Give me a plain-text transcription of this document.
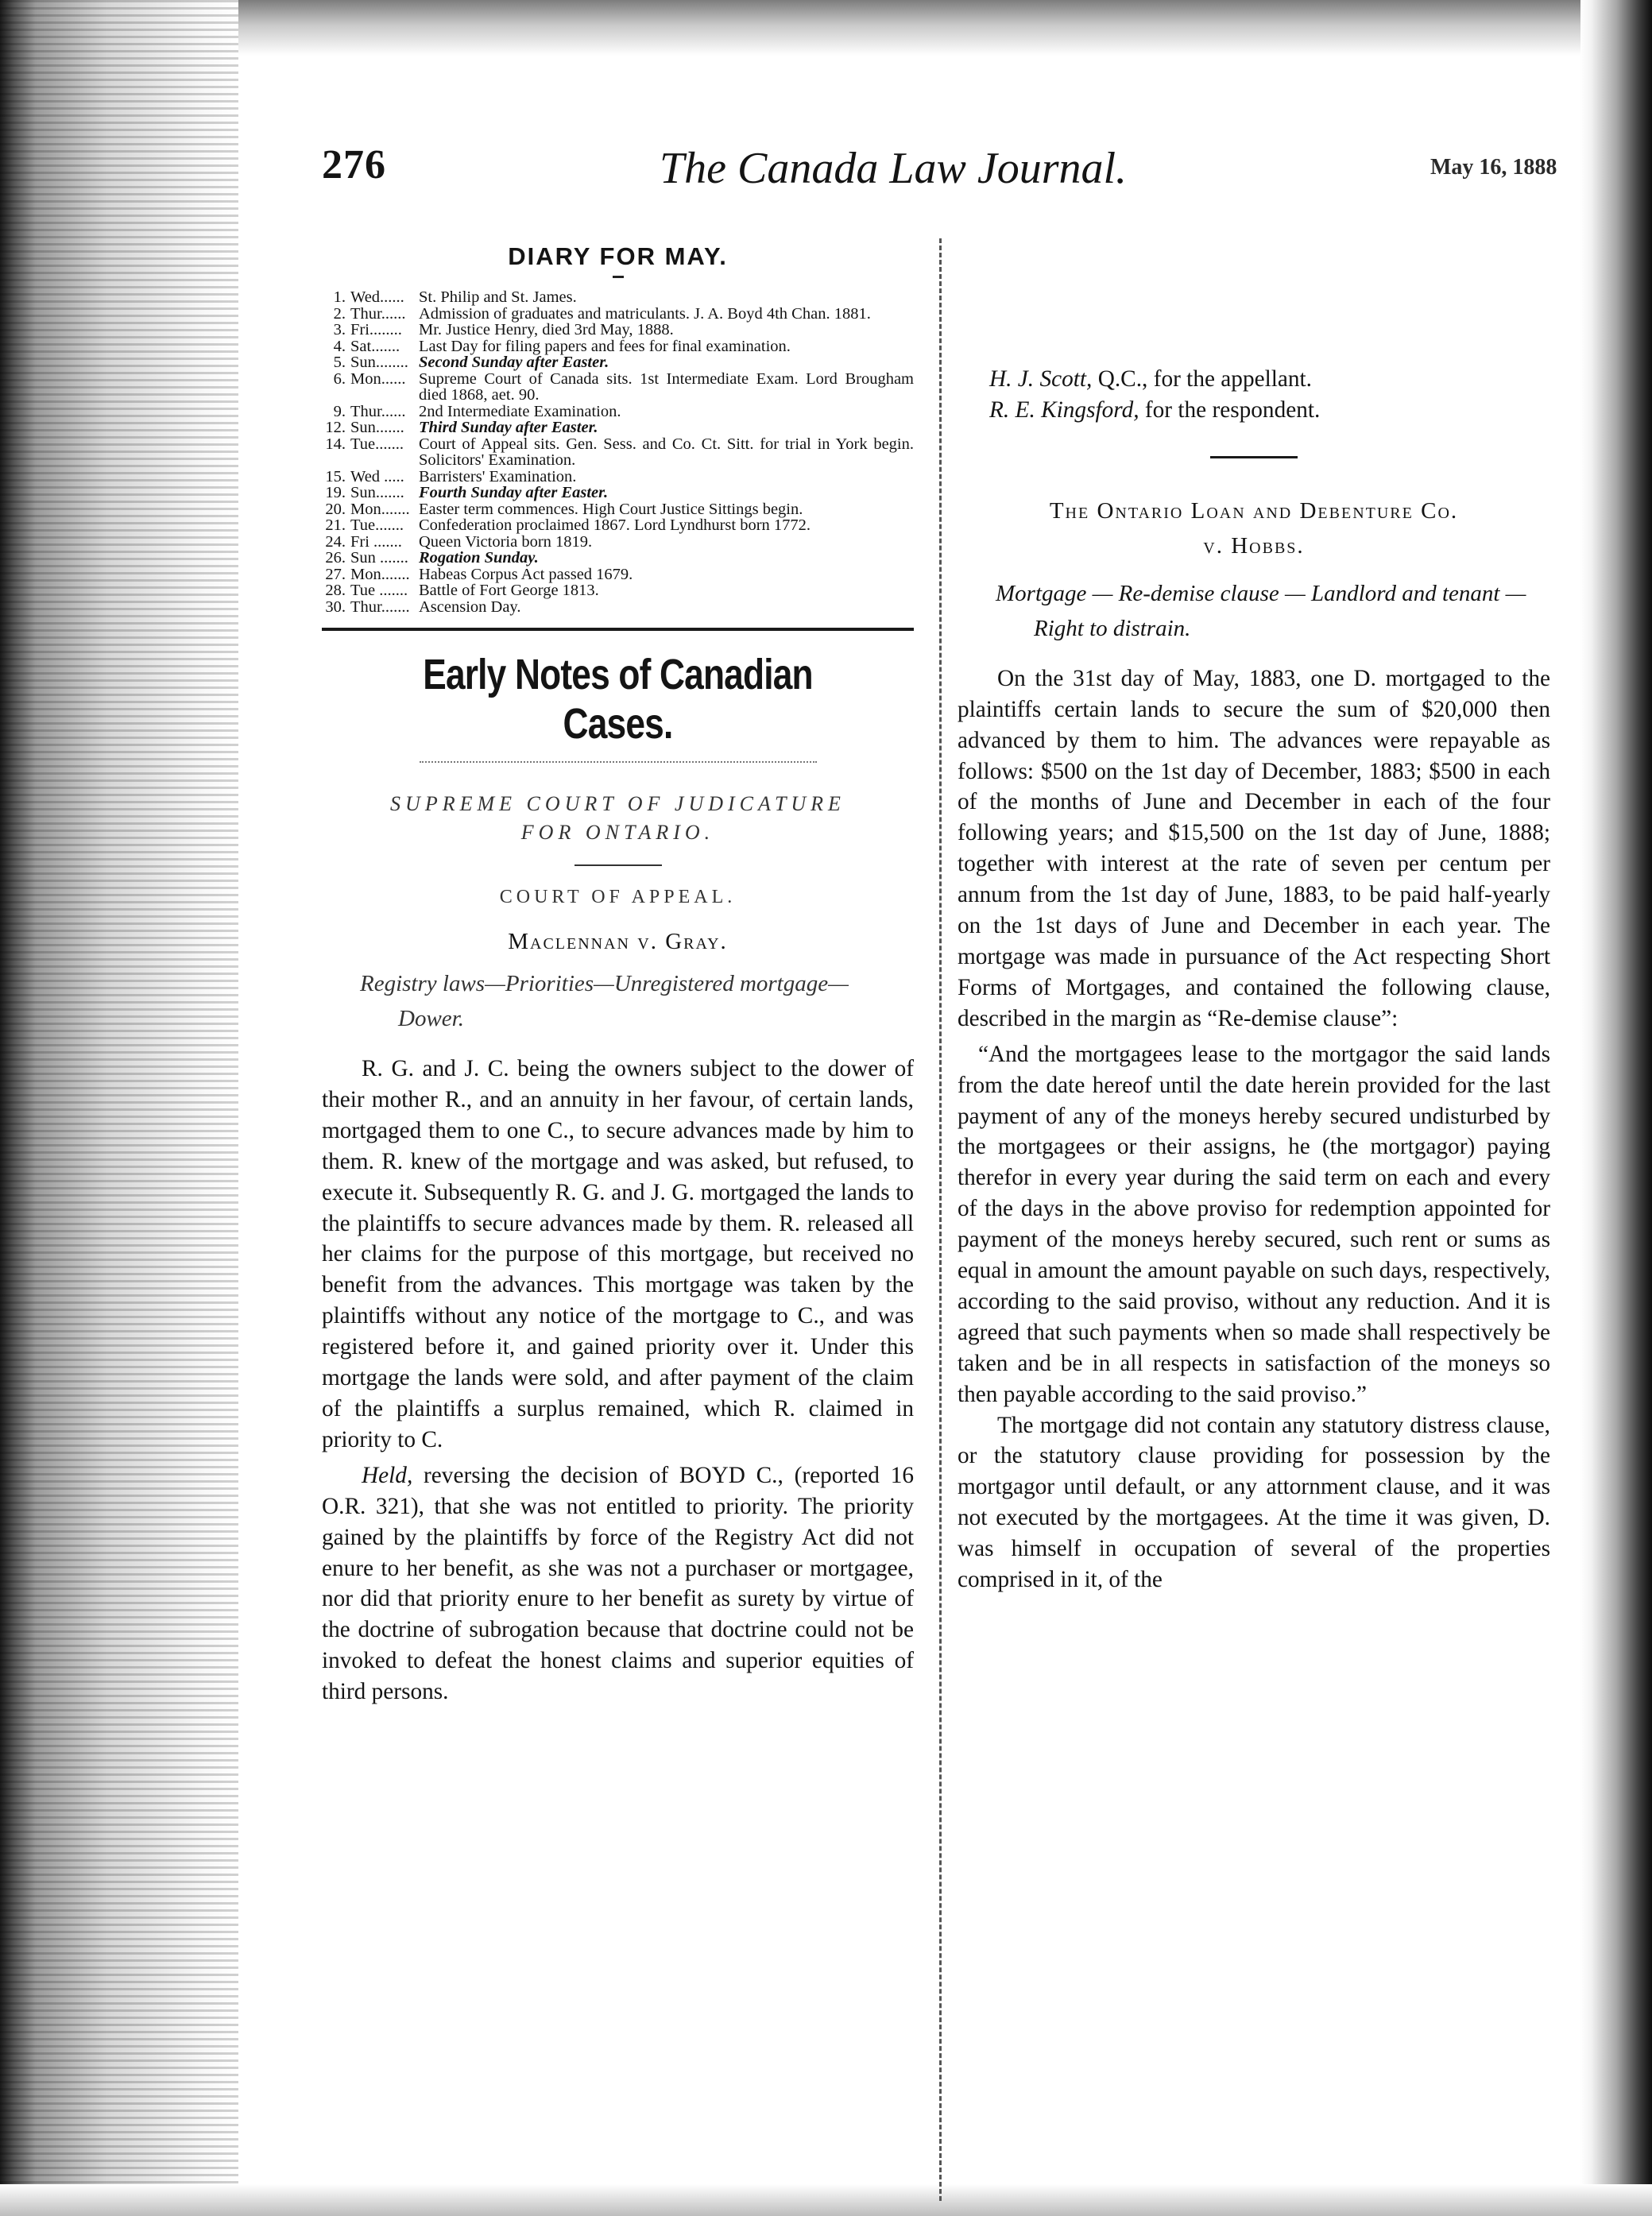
276	The Canada Law Journal.	May 16, 1888
DIARY FOR MAY.
1. Wed...... St. Philip and St. James.
2. Thur...... Admission of graduates and matriculants. J. A. Boyd 4th Chan. 1881.
3. Fri........	Mr. Justice Henry, died 3rd May, 1888.
4. Sat.......	Last Day for filing papers and fees for final examination.
5. Sun........ Second Sunday after Easter.
6. Mon...... Supreme Court of Canada sits. 1st Intermediate Exam. Lord Brougham died 1868, aet. 90.
9. Thur...... 2nd Intermediate Examination.
12. Sun....... Third Sunday after Easter.
14. Tue....... Court of Appeal sits. Gen. Sess. and Co. Ct. Sitt. for trial in York begin. Solicitors' Examination.
15. Wed ..... Barristers' Examination.
19. Sun....... Fourth Sunday after Easter.
20. Mon....... Easter term commences. High Court Justice Sittings begin.
21. Tue....... Confederation proclaimed 1867. Lord Lyndhurst born 1772.
24. Fri .......	Queen Victoria born 1819.
26. Sun ....... Rogation Sunday.
27. Mon....... Habeas Corpus Act passed 1679.
28. Tue ....... Battle of Fort George 1813.
30. Thur....... Ascension Day.
Early Notes of Canadian Cases.
SUPREME COURT OF JUDICATURE
FOR ONTARIO.
COURT OF APPEAL.
Maclennan v. Gray.
Registry laws—Priorities—Unregistered mortgage—Dower.

R. G. and J. C. being the owners subject to the dower of their mother R., and an annuity in her favour, of certain lands, mortgaged them to one C., to secure advances made by him to them. R. knew of the mortgage and was asked, but refused, to execute it. Subsequently R. G. and J. G. mortgaged the lands to the plaintiffs to secure advances made by them. R. released all her claims for the purpose of this mortgage, but received no benefit from the advances. This mortgage was taken by the plaintiffs without any notice of the mortgage to C., and was registered before it, and gained priority over it. Under this mortgage the lands were sold, and after payment of the claim of the plaintiffs a surplus remained, which R. claimed in priority to C.

Held, reversing the decision of BOYD C., (reported 16 O.R. 321), that she was not entitled to priority. The priority gained by the plaintiffs by force of the Registry Act did not enure to her benefit, as she was not a purchaser or mortgagee, nor did that priority enure to her benefit as surety by virtue of the doctrine of subrogation because that doctrine could not be invoked to defeat the honest claims and superior equities of third persons.

H. J. Scott, Q.C., for the appellant.

R. E. Kingsford, for the respondent.

The Ontario Loan and Debenture Co.
v. Hobbs.
Mortgage — Re-demise clause — Landlord and tenant — Right to distrain.

On the 31st day of May, 1883, one D. mortgaged to the plaintiffs certain lands to secure the sum of $20,000 then advanced by them to him. The advances were repayable as follows: $500 on the 1st day of December, 1883; $500 in each of the months of June and December in each of the four following years; and $15,500 on the 1st day of June, 1888; together with interest at the rate of seven per centum per annum from the 1st day of June, 1883, to be paid half-yearly on the 1st days of June and December in each year. The mortgage was made in pursuance of the Act respecting Short Forms of Mortgages, and contained the following clause, described in the margin as “Re-demise clause”:

“And the mortgagees lease to the mortgagor the said lands from the date hereof until the date herein provided for the last payment of any of the moneys hereby secured undisturbed by the mortgagees or their assigns, he (the mortgagor) paying therefor in every year during the said term on each and every of the days in the above proviso for redemption appointed for payment of the moneys hereby secured, such rent or sums as equal in amount the amount payable on such days, respectively, according to the said proviso, without any reduction. And it is agreed that such payments when so made shall respectively be taken and be in all respects in satisfaction of the moneys so then payable according to the said proviso.”

The mortgage did not contain any statutory distress clause, or the statutory clause providing for possession by the mortgagor until default, or any attornment clause, and it was not executed by the mortgagees. At the time it was given, D. was himself in occupation of several of the properties comprised in it, of the
